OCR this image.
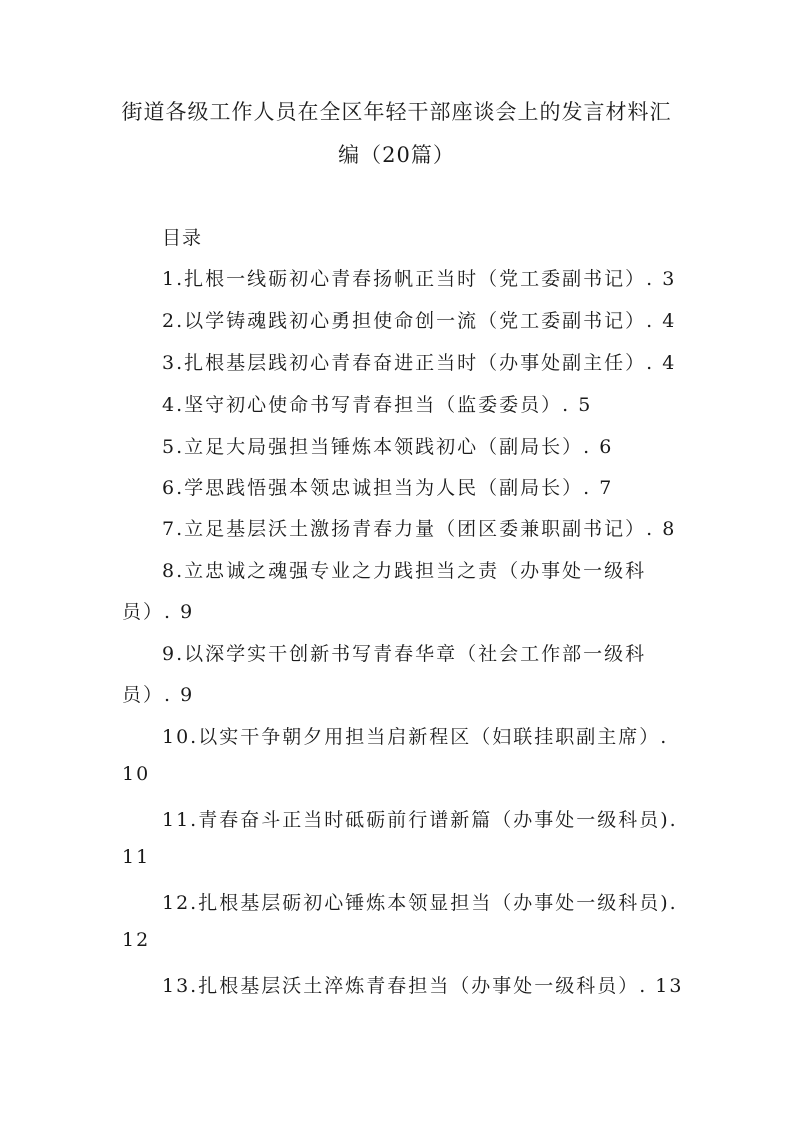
街道各级工作人员在全区年轻干部座谈会上的发言材料汇
编（20篇）
目录
1.扎根一线砺初心青春扬帆正当时（党工委副书记）. 3
2.以学铸魂践初心勇担使命创一流（党工委副书记）. 4
3.扎根基层践初心青春奋进正当时（办事处副主任）. 4
4.坚守初心使命书写青春担当（监委委员）. 5
5.立足大局强担当锤炼本领践初心（副局长）. 6
6.学思践悟强本领忠诚担当为人民（副局长）. 7
7.立足基层沃土激扬青春力量（团区委兼职副书记）. 8
8.立忠诚之魂强专业之力践担当之责（办事处一级科
员）. 9
9.以深学实干创新书写青春华章（社会工作部一级科
员）. 9
10.以实干争朝夕用担当启新程区（妇联挂职副主席）.
10
11.青春奋斗正当时砥砺前行谱新篇（办事处一级科员).
11
12.扎根基层砺初心锤炼本领显担当（办事处一级科员).
12
13.扎根基层沃土淬炼青春担当（办事处一级科员）. 13
